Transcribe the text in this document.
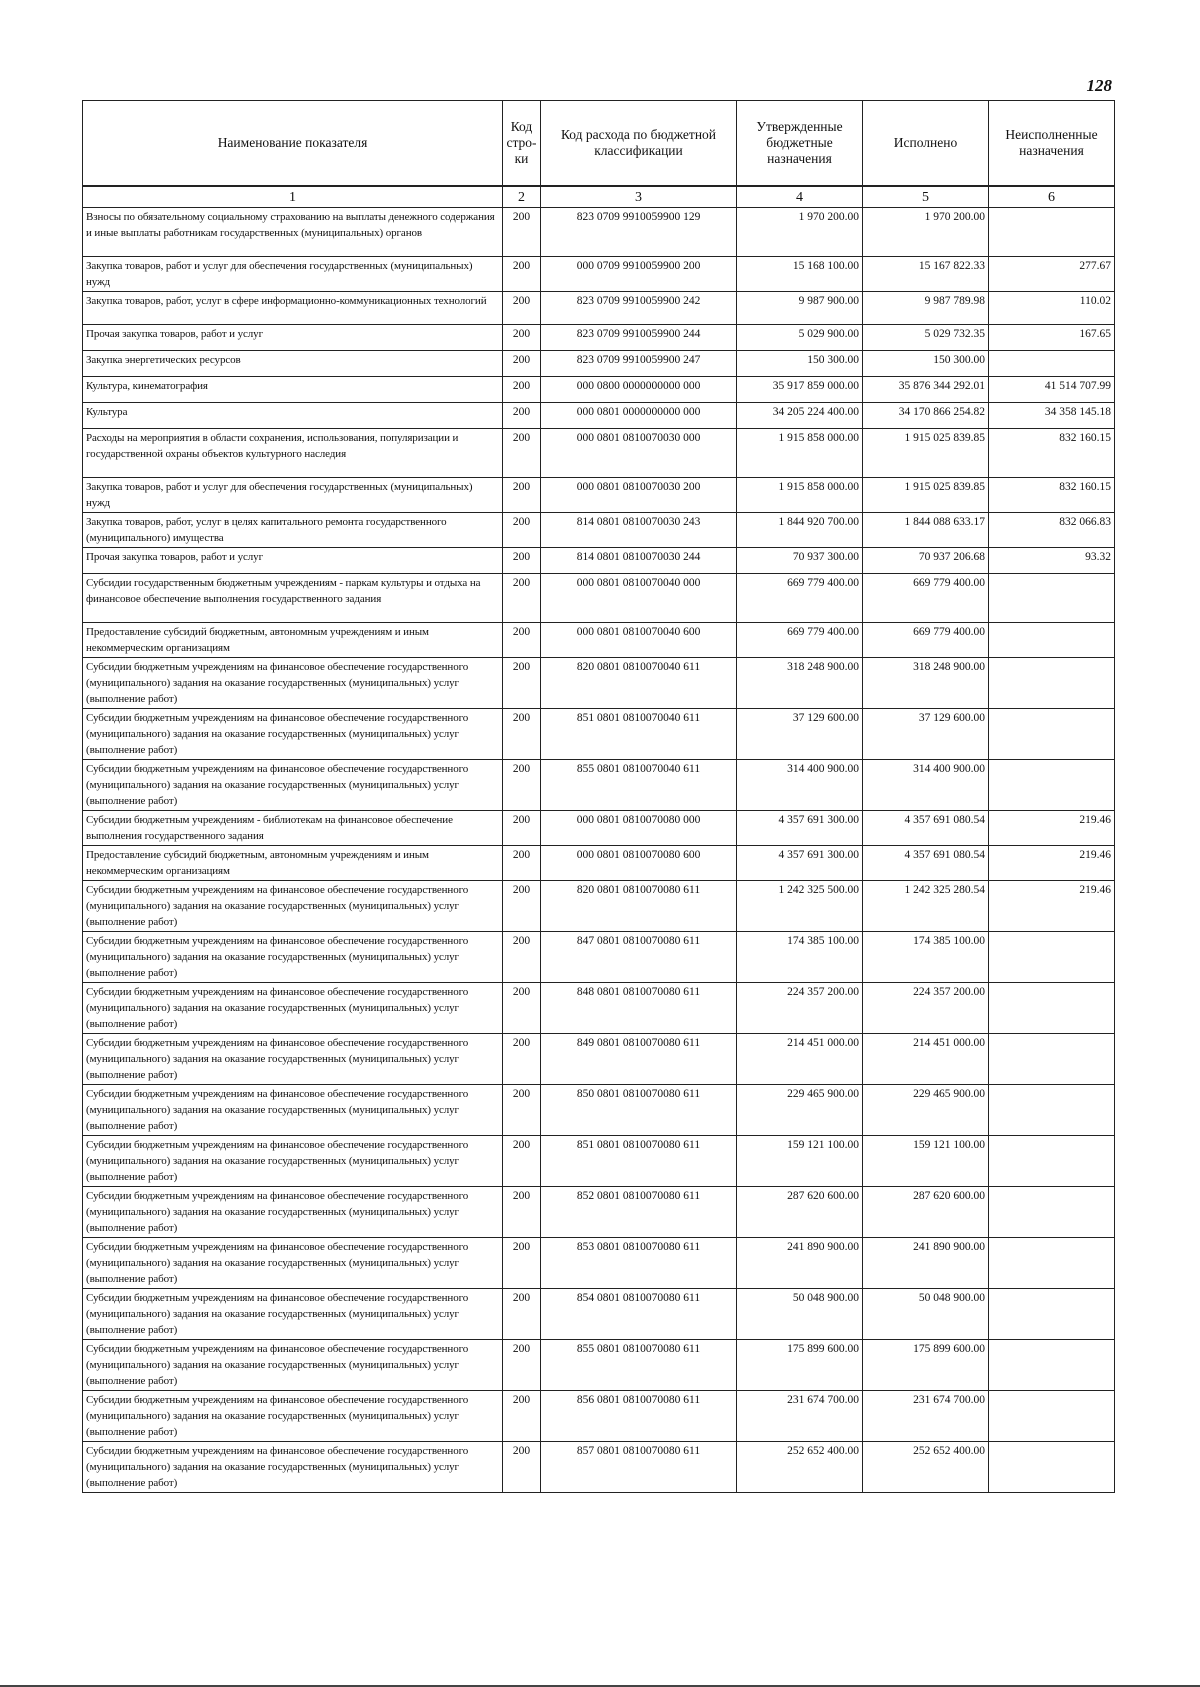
128
Наименование показателя	Код стро-ки	Код расхода по бюджетной классификации	Утвержденные бюджетные назначения	Исполнено	Неисполненные назначения
1	2	3	4	5	6
Взносы по обязательному социальному страхованию на выплаты денежного содержания и иные выплаты работникам государственных (муниципальных) органов	200	823 0709 9910059900 129	1 970 200.00	1 970 200.00	
Закупка товаров, работ и услуг для обеспечения государственных (муниципальных) нужд	200	000 0709 9910059900 200	15 168 100.00	15 167 822.33	277.67
Закупка товаров, работ, услуг в сфере информационно-коммуникационных технологий	200	823 0709 9910059900 242	9 987 900.00	9 987 789.98	110.02
Прочая закупка товаров, работ и услуг	200	823 0709 9910059900 244	5 029 900.00	5 029 732.35	167.65
Закупка энергетических ресурсов	200	823 0709 9910059900 247	150 300.00	150 300.00	
Культура, кинематография	200	000 0800 0000000000 000	35 917 859 000.00	35 876 344 292.01	41 514 707.99
Культура	200	000 0801 0000000000 000	34 205 224 400.00	34 170 866 254.82	34 358 145.18
Расходы на мероприятия в области сохранения, использования, популяризации и государственной охраны объектов культурного наследия	200	000 0801 0810070030 000	1 915 858 000.00	1 915 025 839.85	832 160.15
Закупка товаров, работ и услуг для обеспечения государственных (муниципальных) нужд	200	000 0801 0810070030 200	1 915 858 000.00	1 915 025 839.85	832 160.15
Закупка товаров, работ, услуг в целях капитального ремонта государственного (муниципального) имущества	200	814 0801 0810070030 243	1 844 920 700.00	1 844 088 633.17	832 066.83
Прочая закупка товаров, работ и услуг	200	814 0801 0810070030 244	70 937 300.00	70 937 206.68	93.32
Субсидии государственным бюджетным учреждениям - паркам культуры и отдыха на финансовое обеспечение выполнения государственного задания	200	000 0801 0810070040 000	669 779 400.00	669 779 400.00	
Предоставление субсидий бюджетным, автономным учреждениям и иным некоммерческим организациям	200	000 0801 0810070040 600	669 779 400.00	669 779 400.00	
Субсидии бюджетным учреждениям на финансовое обеспечение государственного (муниципального) задания на оказание государственных (муниципальных) услуг (выполнение работ)	200	820 0801 0810070040 611	318 248 900.00	318 248 900.00	
Субсидии бюджетным учреждениям на финансовое обеспечение государственного (муниципального) задания на оказание государственных (муниципальных) услуг (выполнение работ)	200	851 0801 0810070040 611	37 129 600.00	37 129 600.00	
Субсидии бюджетным учреждениям на финансовое обеспечение государственного (муниципального) задания на оказание государственных (муниципальных) услуг (выполнение работ)	200	855 0801 0810070040 611	314 400 900.00	314 400 900.00	
Субсидии бюджетным учреждениям - библиотекам на финансовое обеспечение выполнения государственного задания	200	000 0801 0810070080 000	4 357 691 300.00	4 357 691 080.54	219.46
Предоставление субсидий бюджетным, автономным учреждениям и иным некоммерческим организациям	200	000 0801 0810070080 600	4 357 691 300.00	4 357 691 080.54	219.46
Субсидии бюджетным учреждениям на финансовое обеспечение государственного (муниципального) задания на оказание государственных (муниципальных) услуг (выполнение работ)	200	820 0801 0810070080 611	1 242 325 500.00	1 242 325 280.54	219.46
Субсидии бюджетным учреждениям на финансовое обеспечение государственного (муниципального) задания на оказание государственных (муниципальных) услуг (выполнение работ)	200	847 0801 0810070080 611	174 385 100.00	174 385 100.00	
Субсидии бюджетным учреждениям на финансовое обеспечение государственного (муниципального) задания на оказание государственных (муниципальных) услуг (выполнение работ)	200	848 0801 0810070080 611	224 357 200.00	224 357 200.00	
Субсидии бюджетным учреждениям на финансовое обеспечение государственного (муниципального) задания на оказание государственных (муниципальных) услуг (выполнение работ)	200	849 0801 0810070080 611	214 451 000.00	214 451 000.00	
Субсидии бюджетным учреждениям на финансовое обеспечение государственного (муниципального) задания на оказание государственных (муниципальных) услуг (выполнение работ)	200	850 0801 0810070080 611	229 465 900.00	229 465 900.00	
Субсидии бюджетным учреждениям на финансовое обеспечение государственного (муниципального) задания на оказание государственных (муниципальных) услуг (выполнение работ)	200	851 0801 0810070080 611	159 121 100.00	159 121 100.00	
Субсидии бюджетным учреждениям на финансовое обеспечение государственного (муниципального) задания на оказание государственных (муниципальных) услуг (выполнение работ)	200	852 0801 0810070080 611	287 620 600.00	287 620 600.00	
Субсидии бюджетным учреждениям на финансовое обеспечение государственного (муниципального) задания на оказание государственных (муниципальных) услуг (выполнение работ)	200	853 0801 0810070080 611	241 890 900.00	241 890 900.00	
Субсидии бюджетным учреждениям на финансовое обеспечение государственного (муниципального) задания на оказание государственных (муниципальных) услуг (выполнение работ)	200	854 0801 0810070080 611	50 048 900.00	50 048 900.00	
Субсидии бюджетным учреждениям на финансовое обеспечение государственного (муниципального) задания на оказание государственных (муниципальных) услуг (выполнение работ)	200	855 0801 0810070080 611	175 899 600.00	175 899 600.00	
Субсидии бюджетным учреждениям на финансовое обеспечение государственного (муниципального) задания на оказание государственных (муниципальных) услуг (выполнение работ)	200	856 0801 0810070080 611	231 674 700.00	231 674 700.00	
Субсидии бюджетным учреждениям на финансовое обеспечение государственного (муниципального) задания на оказание государственных (муниципальных) услуг (выполнение работ)	200	857 0801 0810070080 611	252 652 400.00	252 652 400.00	
